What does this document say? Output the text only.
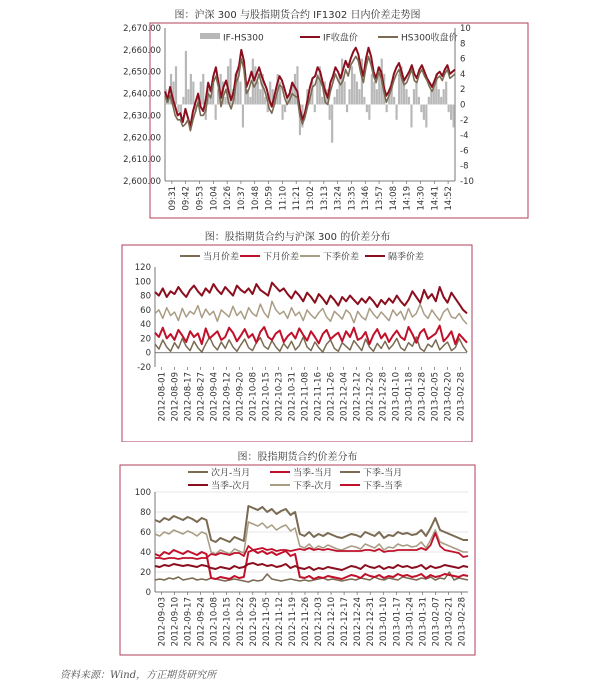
图：沪深 300 与股指期货合约 IF1302 日内价差走势图
2,600.00
2,610.00
2,620.00
2,630.00
2,640.00
2,650.00
2,660.00
2,670.00
-10
-8
-6
-4
-2
0
2
4
6
8
10
09:31 09:42 09:53 10:04 10:26 10:37 10:48 10:59 11:10 11:21 13:02 13:13 13:24 13:35 13:46 13:57 14:08 14:19 14:30 14:41 14:52
IF-HS300	IF收盘价	HS300收盘价
图：股指期货合约与沪深 300 的价差分布
-20
0
20
40
60
80
100
120
2012-08-01 2012-08-09 2012-08-17 2012-08-27 2012-09-04 2012-09-12 2012-09-20 2012-10-08 2012-10-15 2012-10-23 2012-10-31 2012-11-08 2012-11-16 2012-11-26 2012-12-04 2012-12-12 2012-12-20 2012-12-28 2013-01-10 2013-01-18 2013-01-28 2013-02-05 2013-02-20 2013-02-28
当月价差	下月价差	下季价差	隔季价差
图：股指期货合约价差分布
0
20
40
60
80
100
2012-09-03 2012-09-10 2012-09-17 2012-09-24 2012-10-08 2012-10-15 2012-10-22 2012-10-29 2012-11-05 2012-11-12 2012-11-19 2012-11-26 2012-12-03 2012-12-10 2012-12-17 2012-12-24 2012-12-31 2013-01-10 2013-01-17 2013-01-24 2013-01-31 2013-02-07 2013-02-21 2013-02-28
次月-当月	当季-当月	下季-当月
当季-次月	下季-次月	下季-当季
资料来源：Wind，方正期货研究所
